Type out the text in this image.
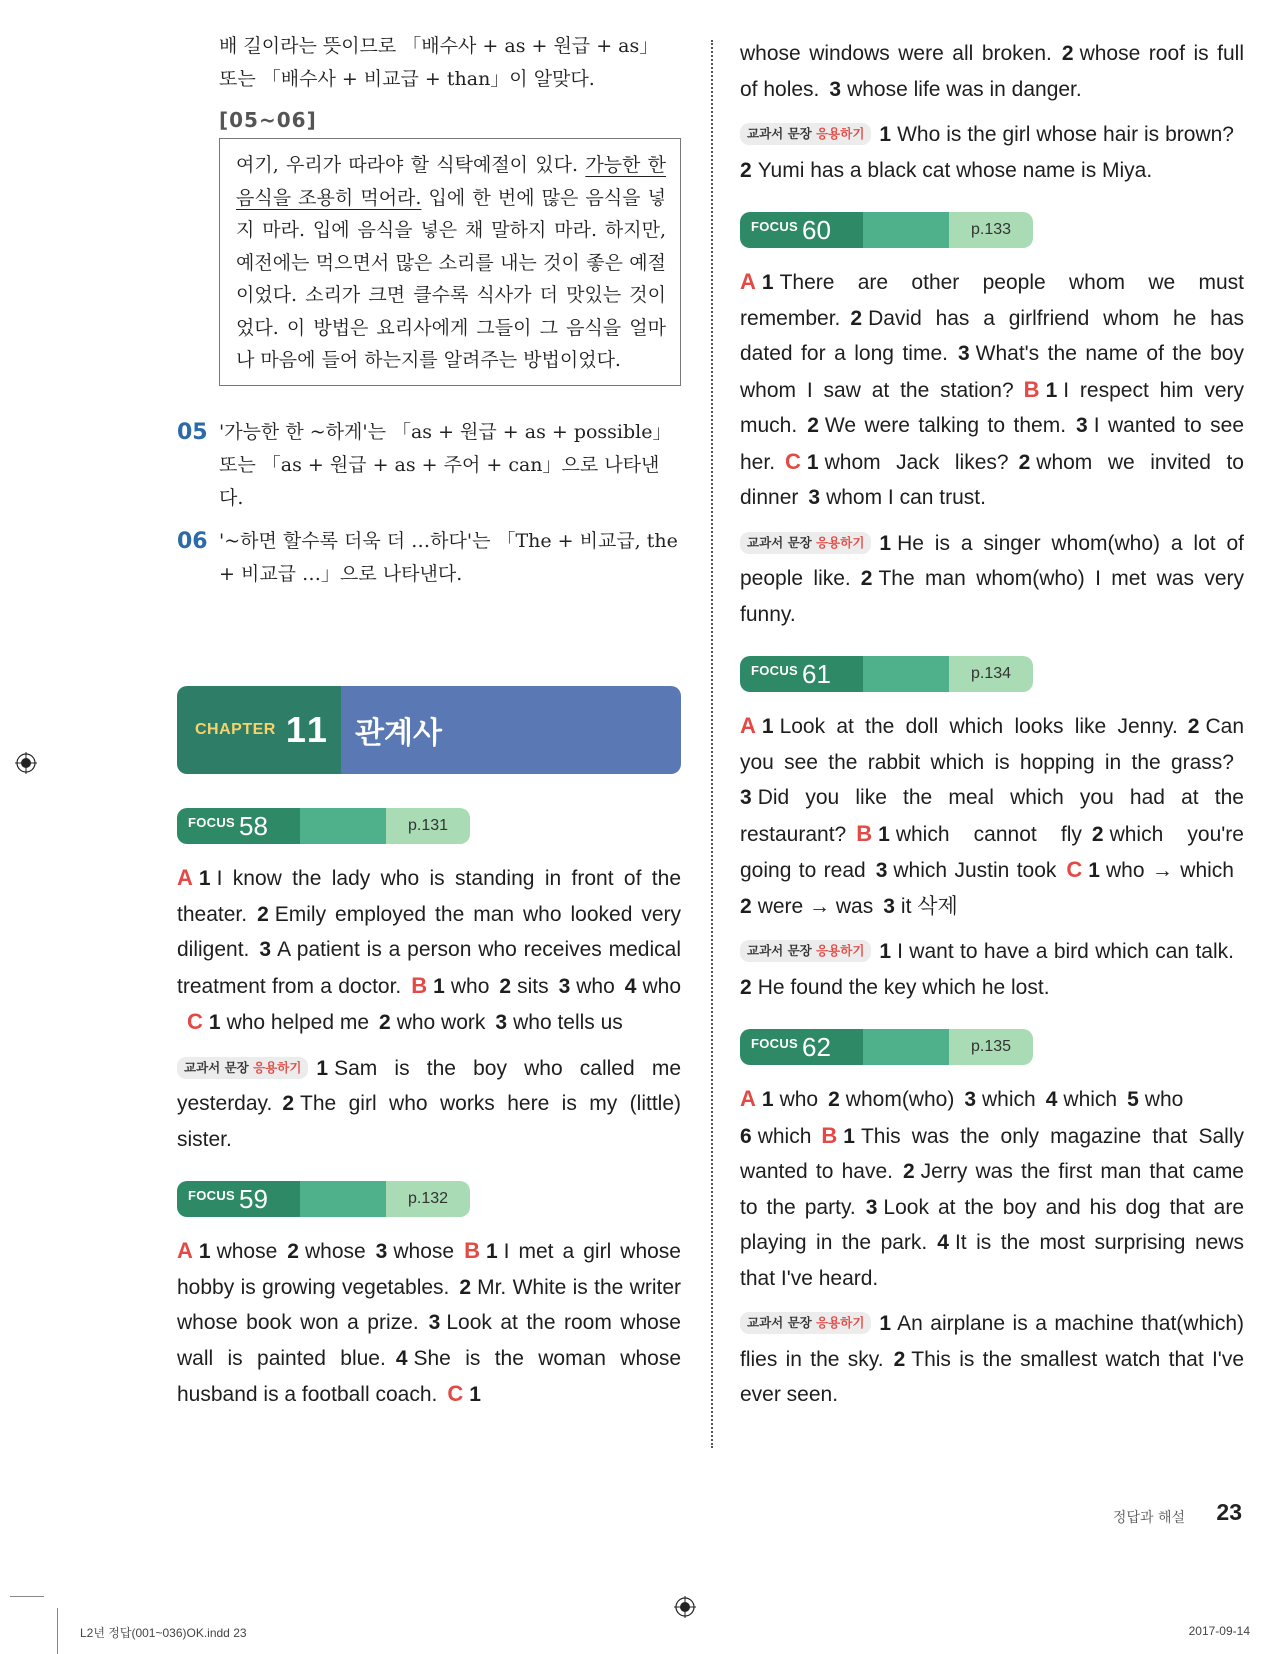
배 길이라는 뜻이므로 「배수사 + as + 원급 + as」 또는 「배수사 + 비교급 + than」이 알맞다.
[05~06]
여기, 우리가 따라야 할 식탁예절이 있다. 가능한 한 음식을 조용히 먹어라. 입에 한 번에 많은 음식을 넣지 마라. 입에 음식을 넣은 채 말하지 마라. 하지만, 예전에는 먹으면서 많은 소리를 내는 것이 좋은 예절이었다. 소리가 크면 클수록 식사가 더 맛있는 것이었다. 이 방법은 요리사에게 그들이 그 음식을 얼마나 마음에 들어 하는지를 알려주는 방법이었다.
05 '가능한 한 ~하게'는 「as + 원급 + as + possible」 또는 「as + 원급 + as + 주어 + can」으로 나타낸다.
06 '~하면 할수록 더욱 더 …하다'는 「The + 비교급, the + 비교급 …」으로 나타낸다.
CHAPTER 11 관계사
FOCUS 58	p.131
A 1 I know the lady who is standing in front of the theater. 2 Emily employed the man who looked very diligent. 3 A patient is a person who receives medical treatment from a doctor. B 1 who 2 sits 3 who 4 whoC 1 who helped me 2 who work 3 who tells us
교과서 문장 응용하기 1 Sam is the boy who called me yesterday. 2 The girl who works here is my (little) sister.
FOCUS 59	p.132
A 1 whose 2 whose 3 whose B 1 I met a girl whose hobby is growing vegetables. 2 Mr. White is the writer whose book won a prize. 3 Look at the room whose wall is painted blue. 4 She is the woman whose husband is a football coach. C 1
whose windows were all broken. 2 whose roof is full of holes. 3 whose life was in danger.
교과서 문장 응용하기 1 Who is the girl whose hair is brown?2 Yumi has a black cat whose name is Miya.
FOCUS 60	p.133
A 1 There are other people whom we must remember. 2 David has a girlfriend whom he has dated for a long time. 3 What's the name of the boy whom I saw at the station? B 1 I respect him very much. 2 We were talking to them. 3 I wanted to see her. C 1 whom Jack likes? 2 whom we invited to dinner 3 whom I can trust.
교과서 문장 응용하기 1 He is a singer whom(who) a lot of people like. 2 The man whom(who) I met was very funny.
FOCUS 61	p.134
A 1 Look at the doll which looks like Jenny. 2 Can you see the rabbit which is hopping in the grass?3 Did you like the meal which you had at the restaurant? B 1 which cannot fly 2 which you're going to read 3 which Justin took C 1 who → which2 were → was 3 it 삭제
교과서 문장 응용하기 1 I want to have a bird which can talk.2 He found the key which he lost.
FOCUS 62	p.135
A 1 who 2 whom(who) 3 which 4 which 5 who6 which B 1 This was the only magazine that Sally wanted to have. 2 Jerry was the first man that came to the party. 3 Look at the boy and his dog that are playing in the park. 4 It is the most surprising news that I've heard.
교과서 문장 응용하기 1 An airplane is a machine that(which) flies in the sky. 2 This is the smallest watch that I've ever seen.
정답과 해설 23
L2년 정답(001~036)OK.indd 23	2017-09-14
